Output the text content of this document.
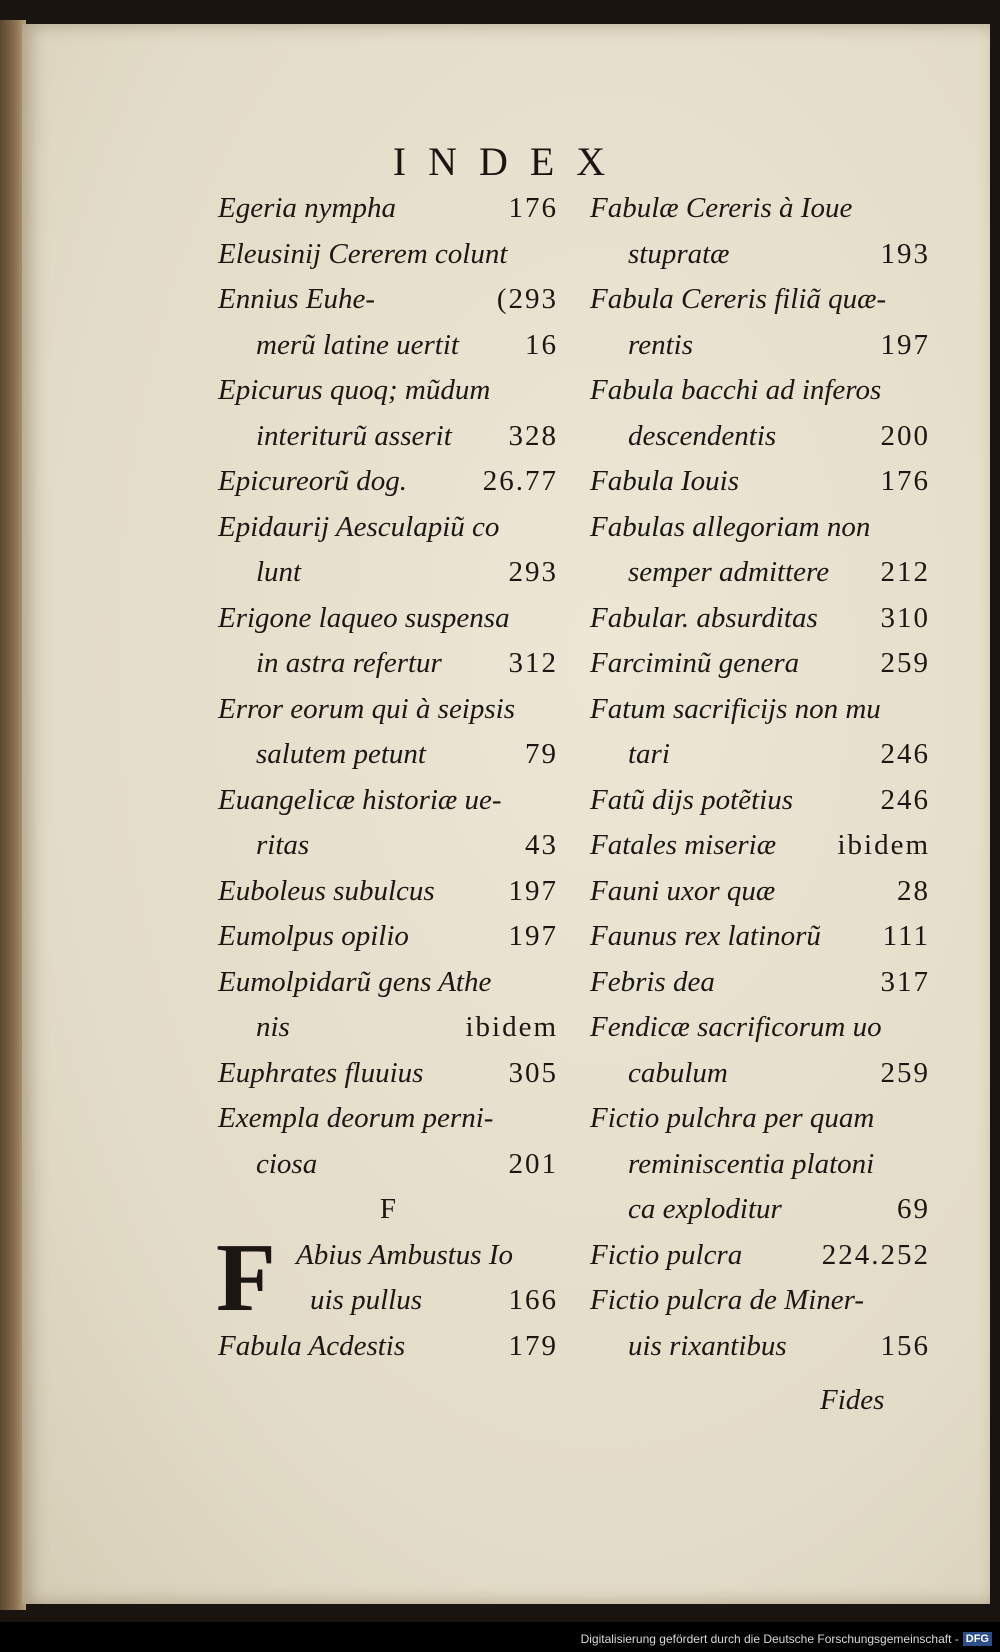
INDEX
Egeria nympha	176
Eleusinij Cererem colunt
Ennius Euhe-	(293
merũ latine uertit 16
Epicurus quoq; mũdum
interiturũ asserit 328
Epicureorũ dog.	26.77
Epidaurij Aesculapiũ co
lunt	293
Erigone laqueo suspensa
in astra refertur 312
Error eorum qui à seipsis
salutem petunt	79
Euangelicæ historiæ ue-
ritas	43
Euboleus subulcus	197
Eumolpus opilio	197
Eumolpidarũ gens Athe
nis	ibidem
Euphrates fluuius	305
Exempla deorum perni-
ciosa	201
F
F Abius Ambustus Io
uis pullus	166
Fabula Acdestis	179
Fabulæ Cereris à Ioue
stupratæ	193
Fabula Cereris filiã quæ-
rentis	197
Fabula bacchi ad inferos
descendentis	200
Fabula Iouis	176
Fabulas allegoriam non
semper admittere 212
Fabular. absurditas 310
Farciminũ genera	259
Fatum sacrificijs non mu
tari	246
Fatũ dijs potẽtius	246
Fatales miseriæ ibidem
Fauni uxor quæ	28
Faunus rex latinorũ 111
Febris dea	317
Fendicæ sacrificorum uo
cabulum	259
Fictio pulchra per quam
reminiscentia platoni
ca exploditur	69
Fictio pulcra	224.252
Fictio pulcra de Miner-
uis rixantibus	156
Fides
Digitalisierung gefördert durch die Deutsche Forschungsgemeinschaft - DFG
